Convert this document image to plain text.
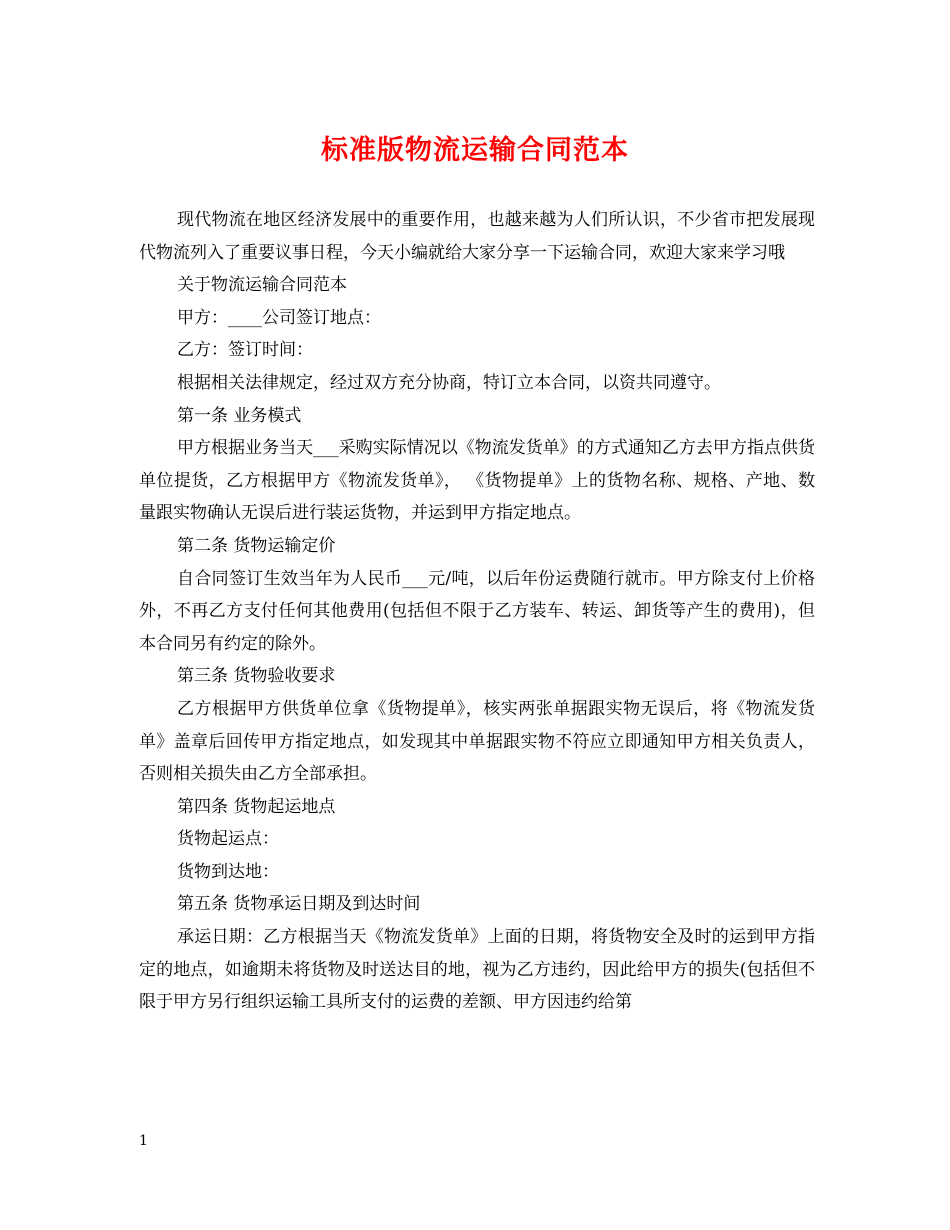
标准版物流运输合同范本

现代物流在地区经济发展中的重要作用，也越来越为人们所认识，不少省市把发展现代物流列入了重要议事日程，今天小编就给大家分享一下运输合同，欢迎大家来学习哦

关于物流运输合同范本

甲方：____公司签订地点：

乙方：签订时间：

根据相关法律规定，经过双方充分协商，特订立本合同，以资共同遵守。

第一条 业务模式

甲方根据业务当天___采购实际情况以《物流发货单》的方式通知乙方去甲方指点供货单位提货，乙方根据甲方《物流发货单》， 《货物提单》上的货物名称、规格、产地、数量跟实物确认无误后进行装运货物，并运到甲方指定地点。

第二条 货物运输定价

自合同签订生效当年为人民币___元/吨，以后年份运费随行就市。甲方除支付上价格外，不再乙方支付任何其他费用(包括但不限于乙方装车、转运、卸货等产生的费用)，但本合同另有约定的除外。

第三条 货物验收要求

乙方根据甲方供货单位拿《货物提单》，核实两张单据跟实物无误后，将《物流发货单》盖章后回传甲方指定地点，如发现其中单据跟实物不符应立即通知甲方相关负责人，否则相关损失由乙方全部承担。

第四条 货物起运地点

货物起运点：

货物到达地：

第五条 货物承运日期及到达时间

承运日期：乙方根据当天《物流发货单》上面的日期，将货物安全及时的运到甲方指定的地点，如逾期未将货物及时送达目的地，视为乙方违约，因此给甲方的损失(包括但不限于甲方另行组织运输工具所支付的运费的差额、甲方因违约给第

1
